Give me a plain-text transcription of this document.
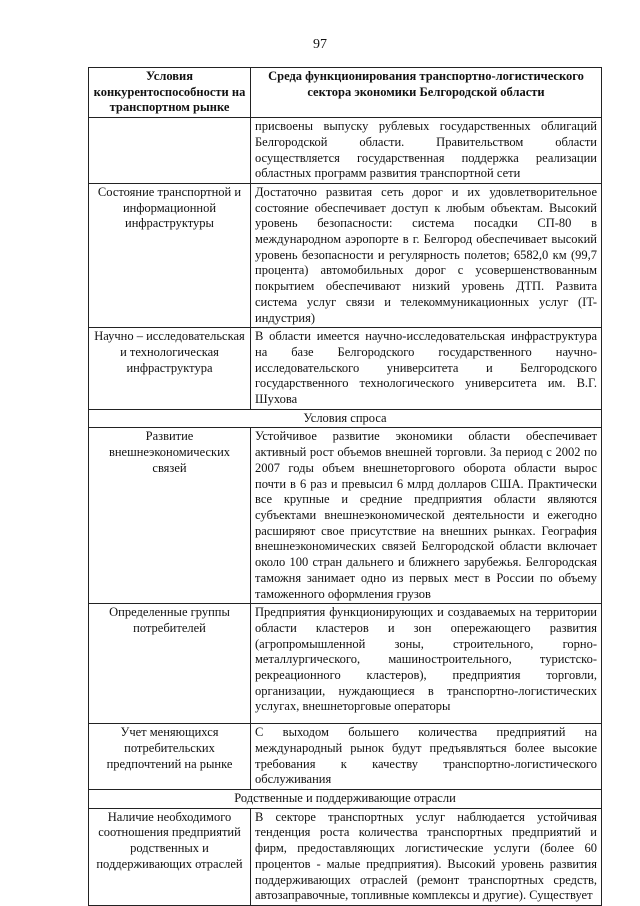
97
Условия конкурентоспособности на транспортном рынке	Среда функционирования транспортно-логистического сектора экономики Белгородской области
	присвоены выпуску рублевых государственных облигаций Белгородской области. Правительством области осуществляется государственная поддержка реализации областных программ развития транспортной сети
Состояние транспортной и информационной инфраструктуры	Достаточно развитая сеть дорог и их удовлетворительное состояние обеспечивает доступ к любым объектам. Высокий уровень безопасности: система посадки СП-80 в международном аэропорте в г. Белгород обеспечивает высокий уровень безопасности и регулярность полетов; 6582,0 км (99,7 процента) автомобильных дорог с усовершенствованным покрытием обеспечивают низкий уровень ДТП. Развита система услуг связи и телекоммуникационных услуг (IT- индустрия)
Научно – исследовательская и технологическая инфраструктура	В области имеется научно-исследовательская инфраструктура на базе Белгородского государственного научно-исследовательского университета и Белгородского государственного технологического университета им. В.Г. Шухова
Условия спроса	
Развитие внешнеэкономических связей	Устойчивое развитие экономики области обеспечивает активный рост объемов внешней торговли. За период с 2002 по 2007 годы объем внешнеторгового оборота области вырос почти в 6 раз и превысил 6 млрд долларов США. Практически все крупные и средние предприятия области являются субъектами внешнеэкономической деятельности и ежегодно расширяют свое присутствие на внешних рынках. География внешнеэкономических связей Белгородской области включает около 100 стран дальнего и ближнего зарубежья. Белгородская таможня занимает одно из первых мест в России по объему таможенного оформления грузов
Определенные группы потребителей	Предприятия функционирующих и создаваемых на территории области кластеров и зон опережающего развития (агропромышленной зоны, строительного, горно-металлургического, машиностроительного, туристско-рекреационного кластеров), предприятия торговли, организации, нуждающиеся в транспортно-логистических услугах, внешнеторговые операторы
Учет меняющихся потребительских предпочтений на рынке	С выходом большего количества предприятий на международный рынок будут предъявляться более высокие требования к качеству транспортно-логистического обслуживания
Родственные и поддерживающие отрасли	
Наличие необходимого соотношения предприятий родственных и поддерживающих отраслей	В секторе транспортных услуг наблюдается устойчивая тенденция роста количества транспортных предприятий и фирм, предоставляющих логистические услуги (более 60 процентов - малые предприятия). Высокий уровень развития поддерживающих отраслей (ремонт транспортных средств, автозаправочные, топливные комплексы и другие). Существует
